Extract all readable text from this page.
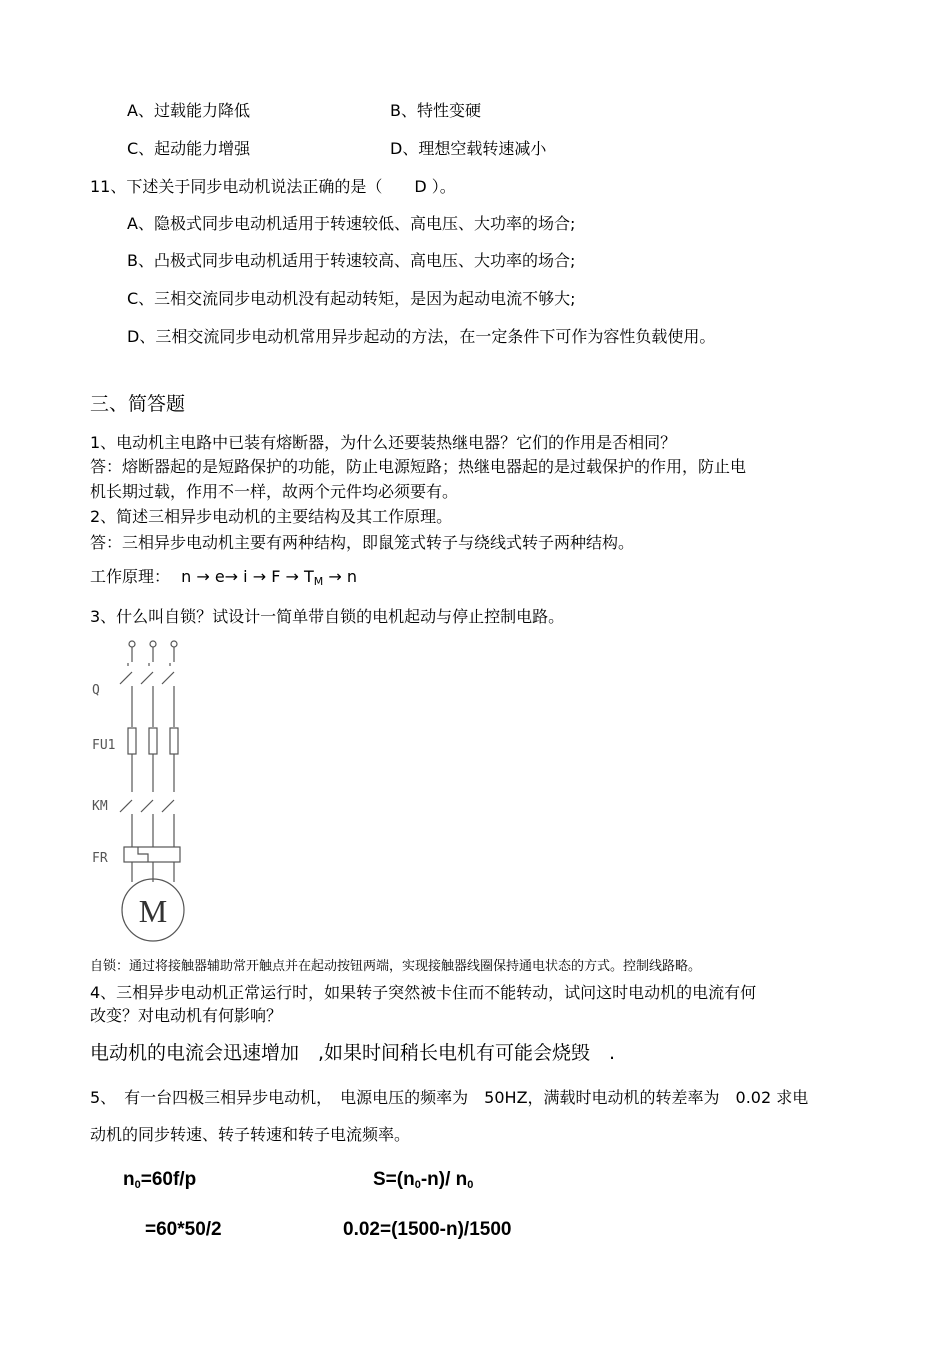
A、过载能力降低	B、特性变硬
C、起动能力增强	D、理想空载转速减小
11、下述关于同步电动机说法正确的是（　　D ）。
A、隐极式同步电动机适用于转速较低、高电压、大功率的场合;
B、凸极式同步电动机适用于转速较高、高电压、大功率的场合;
C、三相交流同步电动机没有起动转矩，是因为起动电流不够大;
D、三相交流同步电动机常用异步起动的方法，在一定条件下可作为容性负载使用。
三、简答题
1、电动机主电路中已装有熔断器，为什么还要装热继电器？它们的作用是否相同？
答：熔断器起的是短路保护的功能，防止电源短路；热继电器起的是过载保护的作用，防止电
机长期过载，作用不一样，故两个元件均必须要有。
2、简述三相异步电动机的主要结构及其工作原理。
答：三相异步电动机主要有两种结构，即鼠笼式转子与绕线式转子两种结构。
工作原理： $n \to e\to i \to F \to T_M \to n$
3、什么叫自锁？试设计一简单带自锁的电机起动与停止控制电路。
Q
FU1
KM
FR
M
自锁：通过将接触器辅助常开触点并在起动按钮两端，实现接触器线圈保持通电状态的方式。控制线路略。
4、三相异步电动机正常运行时，如果转子突然被卡住而不能转动，试问这时电动机的电流有何
改变？对电动机有何影响？
电动机的电流会迅速增加　,如果时间稍长电机有可能会烧毁　.
5、　有一台四极三相异步电动机，　电源电压的频率为　50HZ，满载时电动机的转差率为　0.02 求电
动机的同步转速、转子转速和转子电流频率。
$n_0=60f/p$	$S=(n_0-n)/$ $n_0$
=60*50/2	0.02=(1500-n)/1500
